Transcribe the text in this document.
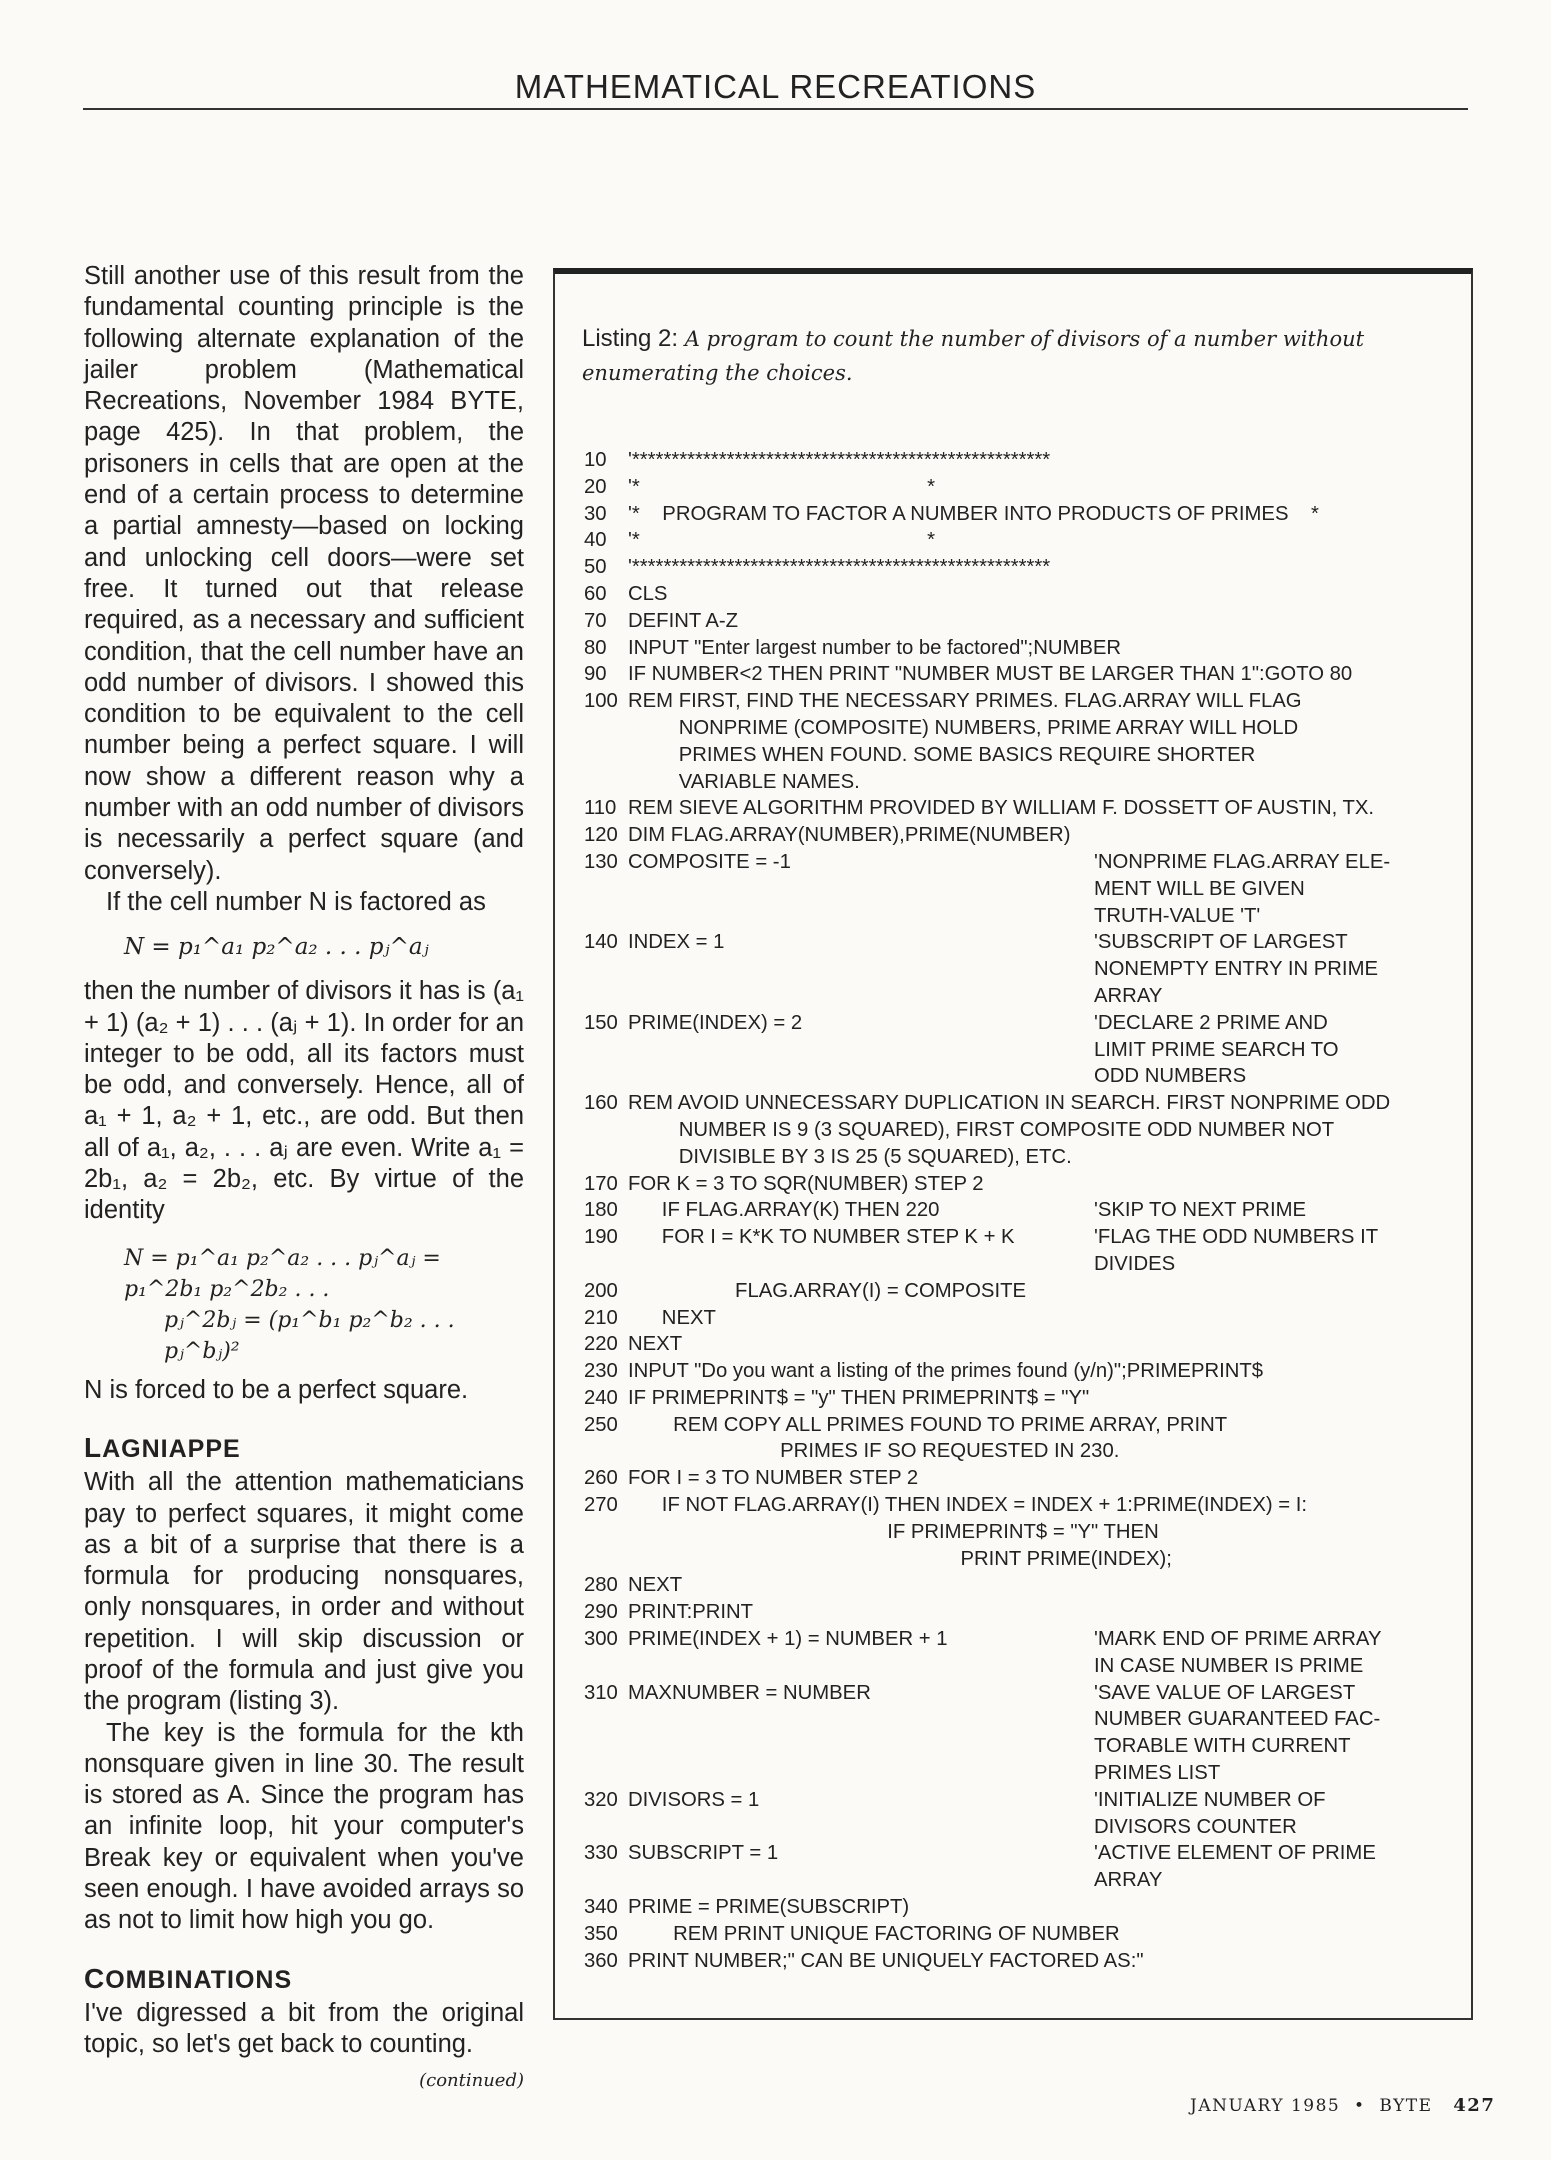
MATHEMATICAL RECREATIONS

Still another use of this result from the fundamental counting principle is the following alternate explanation of the jailer problem (Mathematical Recreations, November 1984 BYTE, page 425). In that problem, the prisoners in cells that are open at the end of a certain process to determine a partial amnesty—based on locking and unlocking cell doors—were set free. It turned out that release required, as a necessary and sufficient condition, that the cell number have an odd number of divisors. I showed this condition to be equivalent to the cell number being a perfect square. I will now show a different reason why a number with an odd number of divisors is necessarily a perfect square (and conversely).

If the cell number N is factored as

N = p₁^a₁ p₂^a₂ . . . pⱼ^aⱼ

then the number of divisors it has is (a₁ + 1) (a₂ + 1) . . . (aⱼ + 1). In order for an integer to be odd, all its factors must be odd, and conversely. Hence, all of a₁ + 1, a₂ + 1, etc., are odd. But then all of a₁, a₂, . . . aⱼ are even. Write a₁ = 2b₁, a₂ = 2b₂, etc. By virtue of the identity

N = p₁^a₁ p₂^a₂ . . . pⱼ^aⱼ = p₁^2b₁ p₂^2b₂ . . .
pⱼ^2bⱼ = (p₁^b₁ p₂^b₂ . . . pⱼ^bⱼ)²

N is forced to be a perfect square.

LAGNIAPPE

With all the attention mathematicians pay to perfect squares, it might come as a bit of a surprise that there is a formula for producing nonsquares, only nonsquares, in order and without repetition. I will skip discussion or proof of the formula and just give you the program (listing 3).

The key is the formula for the kth nonsquare given in line 30. The result is stored as A. Since the program has an infinite loop, hit your computer's Break key or equivalent when you've seen enough. I have avoided arrays so as not to limit how high you go.

COMBINATIONS

I've digressed a bit from the original topic, so let's get back to counting.

(continued)
Listing 2: A program to count the number of divisors of a number without enumerating the choices.
10 '*****************************************************
20 '*                                                   *
30 '*    PROGRAM TO FACTOR A NUMBER INTO PRODUCTS OF PRIMES    *
40 '*                                                   *
50 '*****************************************************
60 CLS
70 DEFINT A-Z
80 INPUT "Enter largest number to be factored";NUMBER
90 IF NUMBER<2 THEN PRINT "NUMBER MUST BE LARGER THAN 1":GOTO 80
100 REM FIRST, FIND THE NECESSARY PRIMES. FLAG.ARRAY WILL FLAG
NONPRIME (COMPOSITE) NUMBERS, PRIME ARRAY WILL HOLD
PRIMES WHEN FOUND. SOME BASICS REQUIRE SHORTER
VARIABLE NAMES.
110 REM SIEVE ALGORITHM PROVIDED BY WILLIAM F. DOSSETT OF AUSTIN, TX.
120 DIM FLAG.ARRAY(NUMBER),PRIME(NUMBER)
130 COMPOSITE = -1	'NONPRIME FLAG.ARRAY ELE-
MENT WILL BE GIVEN
TRUTH-VALUE 'T'
140 INDEX = 1	'SUBSCRIPT OF LARGEST
NONEMPTY ENTRY IN PRIME
ARRAY
150 PRIME(INDEX) = 2	'DECLARE 2 PRIME AND
LIMIT PRIME SEARCH TO
ODD NUMBERS
160 REM AVOID UNNECESSARY DUPLICATION IN SEARCH. FIRST NONPRIME ODD
NUMBER IS 9 (3 SQUARED), FIRST COMPOSITE ODD NUMBER NOT
DIVISIBLE BY 3 IS 25 (5 SQUARED), ETC.
170 FOR K = 3 TO SQR(NUMBER) STEP 2
180 IF FLAG.ARRAY(K) THEN 220	'SKIP TO NEXT PRIME
190 FOR I = K*K TO NUMBER STEP K + K	'FLAG THE ODD NUMBERS IT
DIVIDES
200 FLAG.ARRAY(I) = COMPOSITE
210 NEXT
220 NEXT
230 INPUT "Do you want a listing of the primes found (y/n)";PRIMEPRINT$
240 IF PRIMEPRINT$ = "y" THEN PRIMEPRINT$ = "Y"
250 REM COPY ALL PRIMES FOUND TO PRIME ARRAY, PRINT
PRIMES IF SO REQUESTED IN 230.
260 FOR I = 3 TO NUMBER STEP 2
270 IF NOT FLAG.ARRAY(I) THEN INDEX = INDEX + 1:PRIME(INDEX) = I:
IF PRIMEPRINT$ = "Y" THEN
PRINT PRIME(INDEX);
280 NEXT
290 PRINT:PRINT
300 PRIME(INDEX + 1) = NUMBER + 1	'MARK END OF PRIME ARRAY
IN CASE NUMBER IS PRIME
310 MAXNUMBER = NUMBER	'SAVE VALUE OF LARGEST
NUMBER GUARANTEED FAC-
TORABLE WITH CURRENT
PRIMES LIST
320 DIVISORS = 1	'INITIALIZE NUMBER OF
DIVISORS COUNTER
330 SUBSCRIPT = 1	'ACTIVE ELEMENT OF PRIME
ARRAY
340 PRIME = PRIME(SUBSCRIPT)
350 REM PRINT UNIQUE FACTORING OF NUMBER
360 PRINT NUMBER;" CAN BE UNIQUELY FACTORED AS:"
JANUARY 1985 • BYTE 427
